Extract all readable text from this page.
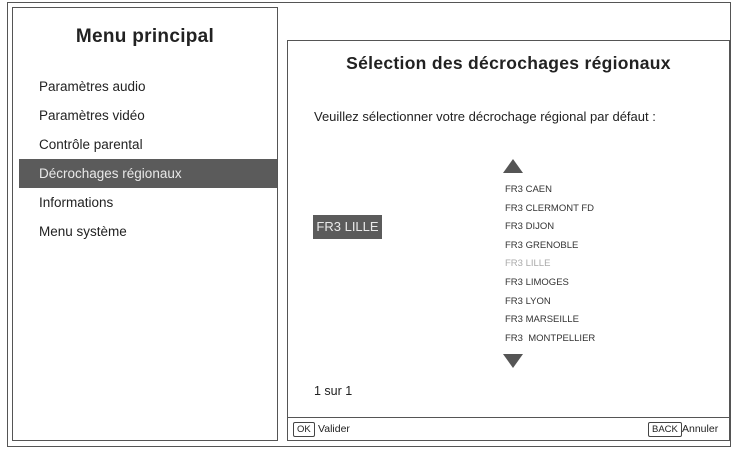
Menu principal
Paramètres audio
Paramètres vidéo
Contrôle parental
Décrochages régionaux
Informations
Menu système
Sélection des décrochages régionaux
Veuillez sélectionner votre décrochage régional par défaut :
FR3 LILLE
FR3 CAEN
FR3 CLERMONT FD
FR3 DIJON
FR3 GRENOBLE
FR3 LILLE
FR3 LIMOGES
FR3 LYON
FR3 MARSEILLE
FR3  MONTPELLIER
1 sur 1
OK Valider	BACK Annuler
